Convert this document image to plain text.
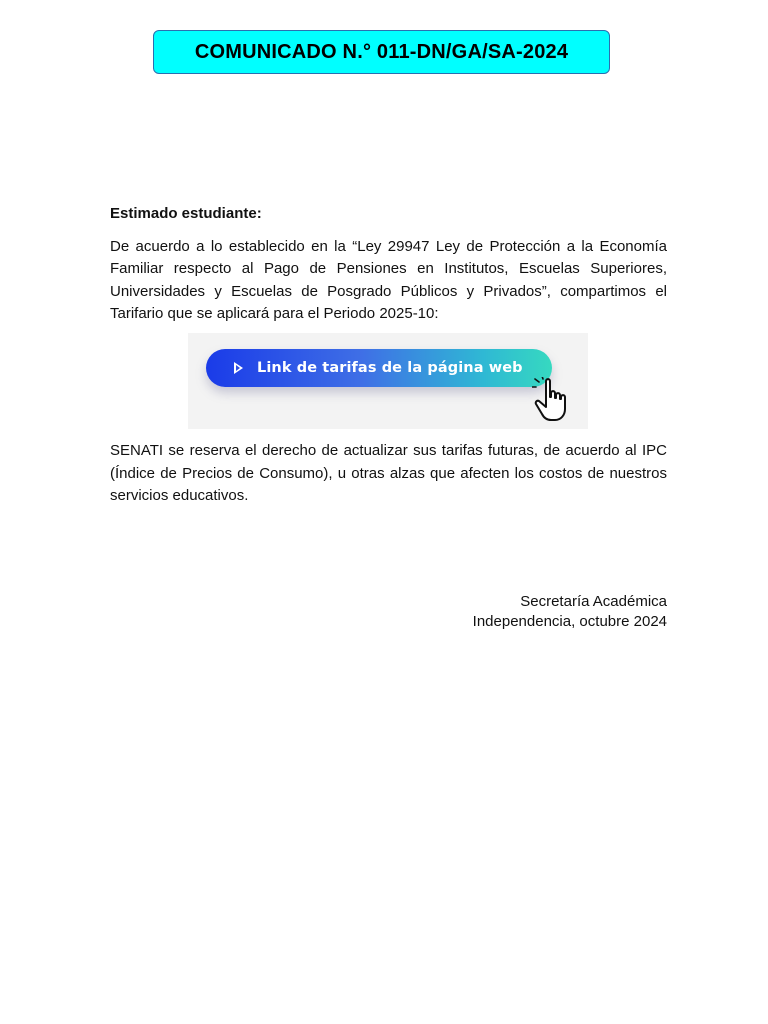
COMUNICADO N.° 011-DN/GA/SA-2024

Estimado estudiante:

De acuerdo a lo establecido en la “Ley 29947 Ley de Protección a la Economía Familiar respecto al Pago de Pensiones en Institutos, Escuelas Superiores, Universidades y Escuelas de Posgrado Públicos y Privados”, compartimos el Tarifario que se aplicará para el Periodo 2025-10:

Link de tarifas de la página web

SENATI se reserva el derecho de actualizar sus tarifas futuras, de acuerdo al IPC (Índice de Precios de Consumo), u otras alzas que afecten los costos de nuestros servicios educativos.

Secretaría Académica
Independencia, octubre 2024
